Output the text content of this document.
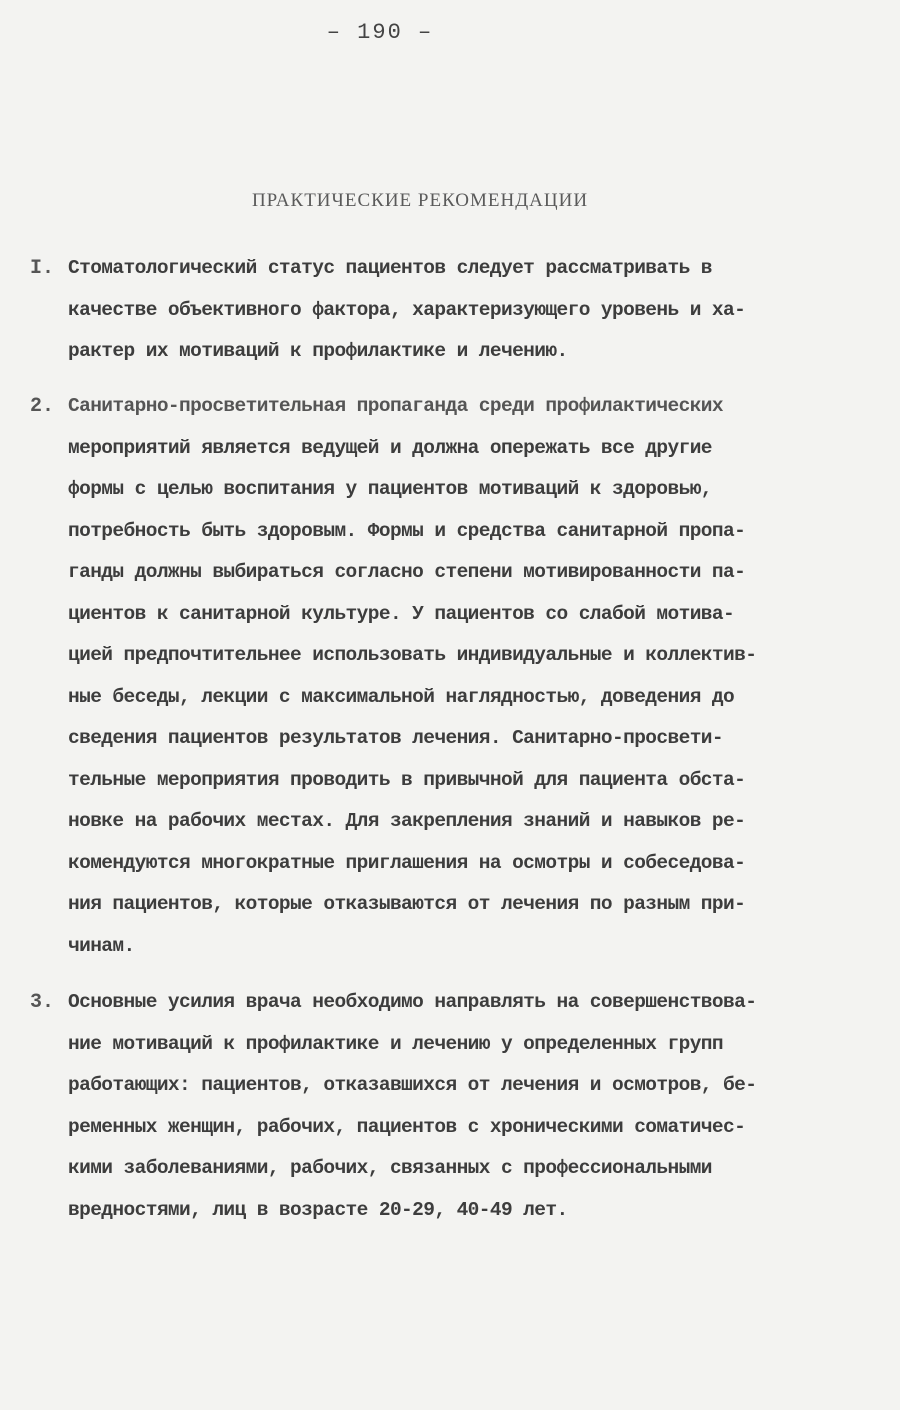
– 190 –
ПРАКТИЧЕСКИЕ РЕКОМЕНДАЦИИ
I. Стоматологический статус пациентов следует рассматривать в
качестве объективного фактора, характеризующего уровень и ха-
рактер их мотиваций к профилактике и лечению.
2. Санитарно-просветительная пропаганда среди профилактических
мероприятий является ведущей и должна опережать все другие
формы с целью воспитания у пациентов мотиваций к здоровью,
потребность быть здоровым. Формы и средства санитарной пропа-
ганды должны выбираться согласно степени мотивированности па-
циентов к санитарной культуре. У пациентов со слабой мотива-
цией предпочтительнее использовать индивидуальные и коллектив-
ные беседы, лекции с максимальной наглядностью, доведения до
сведения пациентов результатов лечения. Санитарно-просвети-
тельные мероприятия проводить в привычной для пациента обста-
новке на рабочих местах. Для закрепления знаний и навыков ре-
комендуются многократные приглашения на осмотры и собеседова-
ния пациентов, которые отказываются от лечения по разным при-
чинам.
3. Основные усилия врача необходимо направлять на совершенствова-
ние мотиваций к профилактике и лечению у определенных групп
работающих: пациентов, отказавшихся от лечения и осмотров, бе-
ременных женщин, рабочих, пациентов с хроническими соматичес-
кими заболеваниями, рабочих, связанных с профессиональными
вредностями, лиц в возрасте 20-29, 40-49 лет.
